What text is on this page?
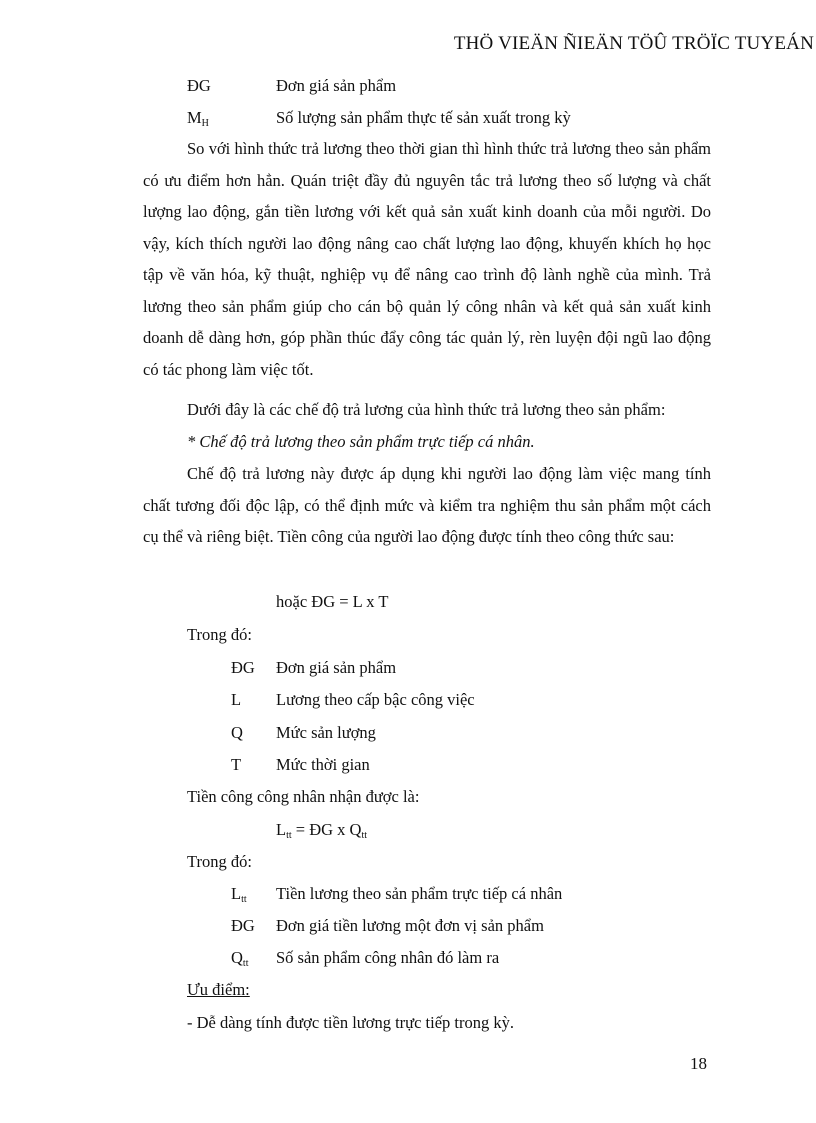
THÖ VIEÄN ÑIEÄN TÖÛ TRÖÏC TUYEÁN
ĐG	Đơn giá sản phẩm
$M_H$	Số lượng sản phẩm thực tế sản xuất trong kỳ

So với hình thức trả lương theo thời gian thì hình thức trả lương theo sản phẩm có ưu điểm hơn hẳn. Quán triệt đầy đủ nguyên tắc trả lương theo số lượng và chất lượng lao động, gắn tiền lương với kết quả sản xuất kinh doanh của mỗi người. Do vậy, kích thích người lao động nâng cao chất lượng lao động, khuyến khích họ học tập về văn hóa, kỹ thuật, nghiệp vụ để nâng cao trình độ lành nghề của mình. Trả lương theo sản phẩm giúp cho cán bộ quản lý công nhân và kết quả sản xuất kinh doanh dễ dàng hơn, góp phần thúc đẩy công tác quản lý, rèn luyện đội ngũ lao động có tác phong làm việc tốt.

Dưới đây là các chế độ trả lương của hình thức trả lương theo sản phẩm:
* Chế độ trả lương theo sản phẩm trực tiếp cá nhân.

Chế độ trả lương này được áp dụng khi người lao động làm việc mang tính chất tương đối độc lập, có thể định mức và kiểm tra nghiệm thu sản phẩm một cách cụ thể và riêng biệt. Tiền công của người lao động được tính theo công thức sau:

hoặc ĐG = L x T
Trong đó:
ĐG Đơn giá sản phẩm
L Lương theo cấp bậc công việc
Q Mức sản lượng
T Mức thời gian
Tiền công công nhân nhận được là:
$L_{tt}$ = ĐG x $Q_{tt}$
Trong đó:
$L_{tt}$ Tiền lương theo sản phẩm trực tiếp cá nhân
ĐG Đơn giá tiền lương một đơn vị sản phẩm
$Q_{tt}$ Số sản phẩm công nhân đó làm ra
Ưu điểm:
- Dễ dàng tính được tiền lương trực tiếp trong kỳ.
18
